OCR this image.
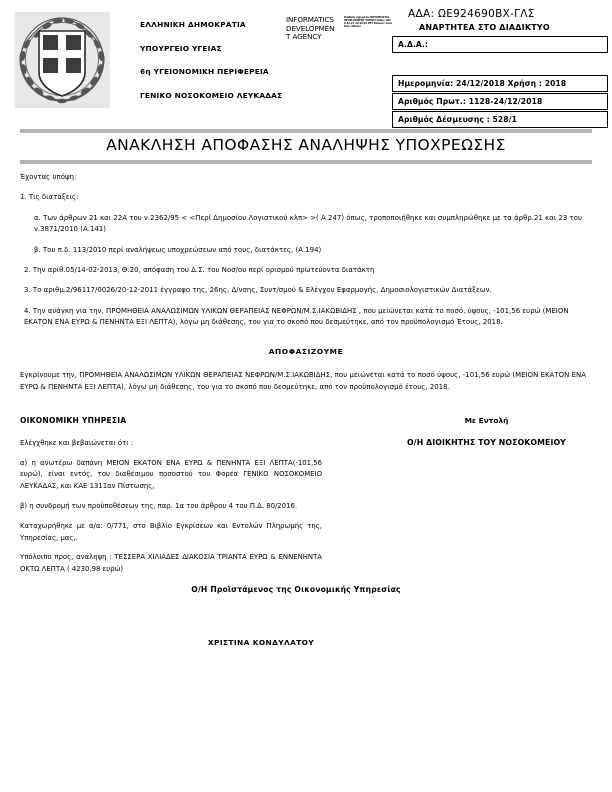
ΕΛΛΗΝΙΚΗ ΔΗΜΟΚΡΑΤΙΑ
ΥΠΟΥΡΓΕΙΟ ΥΓΕΙΑΣ
6η ΥΓΕΙΟΝΟΜΙΚΗ ΠΕΡΙΦΕΡΕΙΑ
ΓΕΝΙΚΟ ΝΟΣΟΚΟΜΕΙΟ ΛΕΥΚΑΔΑΣ
INFORMATICS
DEVELOPMEN
T AGENCY
Digitally signed by INFORMATICS DEVELOPMENT AGENCY Date: 2018.12.27 10:16:21 EET Reason: Location: Athens
ΑΔΑ: ΩΕ924690ΒΧ-ΓΛΣ
ΑΝΑΡΤΗΤΕΑ ΣΤΟ ΔΙΑΔΙΚΤΥΟ
Α.Δ.Α.:
Ημερομηνία: 24/12/2018 Χρήση : 2018
Αριθμός Πρωτ.: 1128-24/12/2018
Αριθμός Δέσμευσης : 528/1
ΑΝΑΚΛΗΣΗ ΑΠΟΦΑΣΗΣ ΑΝΑΛΗΨΗΣ ΥΠΟΧΡΕΩΣΗΣ

Έχοντας υπόψη:

1. Τις διατάξεις:

α. Των άρθρων 21 και 22Α του ν.2362/95 < <Περί Δημοσίου Λογιστικού κλπ> >( Α.247) όπως, τροποποιήθηκε και συμπληρώθηκε με τα άρθρ.21 και 23 του ν.3871/2010 (Α.141)

β. Του π.δ. 113/2010 περί αναλήψεως υποχρεώσεων από τους, διατάκτες, (Α.194)

2. Την αριθ.05/14-02-2013, Θ:20, απόφαση του Δ.Σ. του Νοσ/ου περί ορισμού πρωτεύοντα διατάκτη

3. Το αριθμ.2/96117/0026/20-12-2011 έγγραφο της, 26ης, Δ/νσης, Συντ/σμού & Ελέγχου Εφαρμογής, Δημοσιολογιστικών Διατάξεων.

4. Την ανάγκη για την, ΠΡΟΜΗΘΕΙΑ ΑΝΑΛΩΣΙΜΩΝ ΥΛΙΚΩΝ ΘΕΡΑΠΕΙΑΣ ΝΕΦΡΩΝ/Μ.Σ.ΙΑΚΩΒΙΔΗΣ , που μειώνεται κατά το ποσό, ύψους, -101,56 ευρώ (ΜΕΙΟΝ ΕΚΑΤΟΝ ΕΝΑ ΕΥΡΩ & ΠΕΝΗΝΤΑ ΕΞΙ ΛΕΠΤΑ), λόγω μη διάθεσης, του για το σκοπό που δεσμεύτηκε, από τον προϋπολογισμό Έτους, 2018.

ΑΠΟΦΑΣΙΖΟΥΜΕ

Εγκρίνουμε την, ΠΡΟΜΗΘΕΙΑ ΑΝΑΛΩΣΙΜΩΝ ΥΛΙΚΩΝ ΘΕΡΑΠΕΙΑΣ ΝΕΦΡΩΝ/Μ.Σ.ΙΑΚΩΒΙΔΗΣ, που μειώνεται κατά το ποσό ύψους, -101,56 ευρώ (ΜΕΙΟΝ ΕΚΑΤΟΝ ΕΝΑ ΕΥΡΩ & ΠΕΝΗΝΤΑ ΕΞΙ ΛΕΠΤΑ), λόγω μη διάθεσης, του για το σκοπό που δεσμεύτηκε, από τον προϋπολογισμό έτους, 2018.

ΟΙΚΟΝΟΜΙΚΗ ΥΠΗΡΕΣΙΑ
Ελέγχθηκε και βεβαιώνεται ότι :
α) η ανωτέρω δαπάνη ΜΕΙΟΝ ΕΚΑΤΟΝ ΕΝΑ ΕΥΡΩ & ΠΕΝΗΝΤΑ ΕΞΙ ΛΕΠΤΑ(-101,56 ευρώ), είναι εντός, του διαθέσιμου ποσοστού του Φορέα ΓΕΝΙΚΟ ΝΟΣΟΚΟΜΕΙΟ ΛΕΥΚΑΔΑΣ, και ΚΑΕ 1311αν Πίστωσης,
β) η συνδρομή των προϋποθέσεων της, παρ. 1α του άρθρου 4 του Π.Δ. 80/2016.
Καταχωρήθηκε με α/α: 0/771, στο Βιβλίο Εγκρίσεων και Εντολών Πληρωμής της, Υπηρεσίας, μας,.
Υπόλοιπο προς, ανάληψη : ΤΕΣΣΕΡΑ ΧΙΛΙΑΔΕΣ ΔΙΑΚΟΣΙΑ ΤΡΙΑΝΤΑ ΕΥΡΩ & ΕΝΝΕΝΗΝΤΑ ΟΚΤΩ ΛΕΠΤΑ ( 4230,98 ευρώ)
Με Εντολή
Ο/Η ΔΙΟΙΚΗΤΗΣ ΤΟΥ ΝΟΣΟΚΟΜΕΙΟΥ
Ο/Η Προϊστάμενος της Οικονομικής Υπηρεσίας
ΧΡΙΣΤΙΝΑ ΚΟΝΔΥΛΑΤΟΥ
